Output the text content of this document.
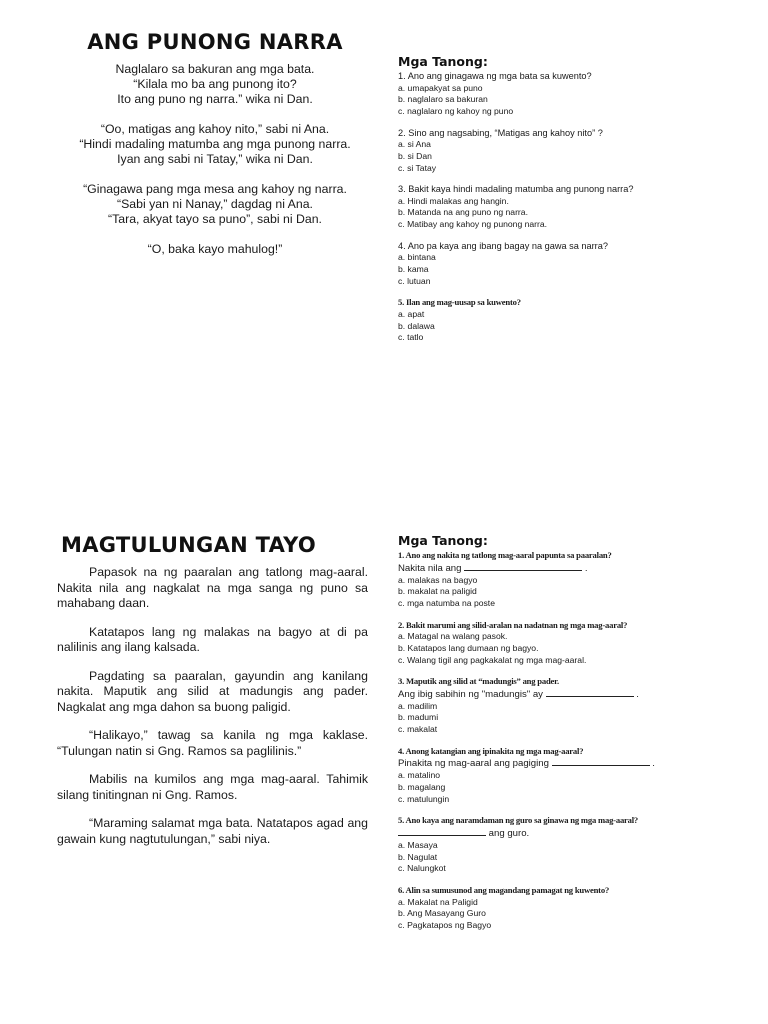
ANG PUNONG NARRA
Naglalaro sa bakuran ang mga bata.
“Kilala mo ba ang punong ito?
Ito ang puno ng narra.” wika ni Dan.
“Oo, matigas ang kahoy nito,” sabi ni Ana.
“Hindi madaling matumba ang mga punong narra.
Iyan ang sabi ni Tatay,” wika ni Dan.
“Ginagawa pang mga mesa ang kahoy ng narra.
“Sabi yan ni Nanay,” dagdag ni Ana.
“Tara, akyat tayo sa puno”, sabi ni Dan.
“O, baka kayo mahulog!”
Mga Tanong:
1. Ano ang ginagawa ng mga bata sa kuwento?
a. umapakyat sa puno
b. naglalaro sa bakuran
c. naglalaro ng kahoy ng puno
2. Sino ang nagsabing, “Matigas ang kahoy nito” ?
a. si Ana
b. si Dan
c. si Tatay
3. Bakit kaya hindi madaling matumba ang punong narra?
a. Hindi malakas ang hangin.
b. Matanda na ang puno ng narra.
c. Matibay ang kahoy ng punong narra.
4. Ano pa kaya ang ibang bagay na gawa sa narra?
a. bintana
b. kama
c. lutuan
5. Ilan ang mag-uusap sa kuwento?
a. apat
b. dalawa
c. tatlo
MAGTULUNGAN TAYO

Papasok na ng paaralan ang tatlong mag-aaral. Nakita nila ang nagkalat na mga sanga ng puno sa mahabang daan.

Katatapos lang ng malakas na bagyo at di pa nalilinis ang ilang kalsada.

Pagdating sa paaralan, gayundin ang kanilang nakita. Maputik ang silid at madungis ang pader. Nagkalat ang mga dahon sa buong paligid.

“Halikayo,” tawag sa kanila ng mga kaklase. “Tulungan natin si Gng. Ramos sa paglilinis.”

Mabilis na kumilos ang mga mag-aaral. Tahimik silang tinitingnan ni Gng. Ramos.

“Maraming salamat mga bata. Natatapos agad ang gawain kung nagtutulungan,” sabi niya.

Mga Tanong:
1. Ano ang nakita ng tatlong mag-aaral papunta sa paaralan?
Nakita nila ang	.
a. malakas na bagyo
b. makalat na paligid
c. mga natumba na poste
2. Bakit marumi ang silid-aralan na nadatnan ng mga mag-aaral?
a. Matagal na walang pasok.
b. Katatapos lang dumaan ng bagyo.
c. Walang tigil ang pagkakalat ng mga mag-aaral.
3. Maputik ang silid at “madungis” ang pader.
Ang ibig sabihin ng "madungis" ay	.
a. madilim
b. madumi
c. makalat
4. Anong katangian ang ipinakita ng mga mag-aaral?
Pinakita ng mag-aaral ang pagiging	.
a. matalino
b. magalang
c. matulungin
5. Ano kaya ang naramdaman ng guro sa ginawa ng mga mag-aaral?
ang guro.
a. Masaya
b. Nagulat
c. Nalungkot
6. Alin sa sumusunod ang magandang pamagat ng kuwento?
a. Makalat na Paligid
b. Ang Masayang Guro
c. Pagkatapos ng Bagyo
